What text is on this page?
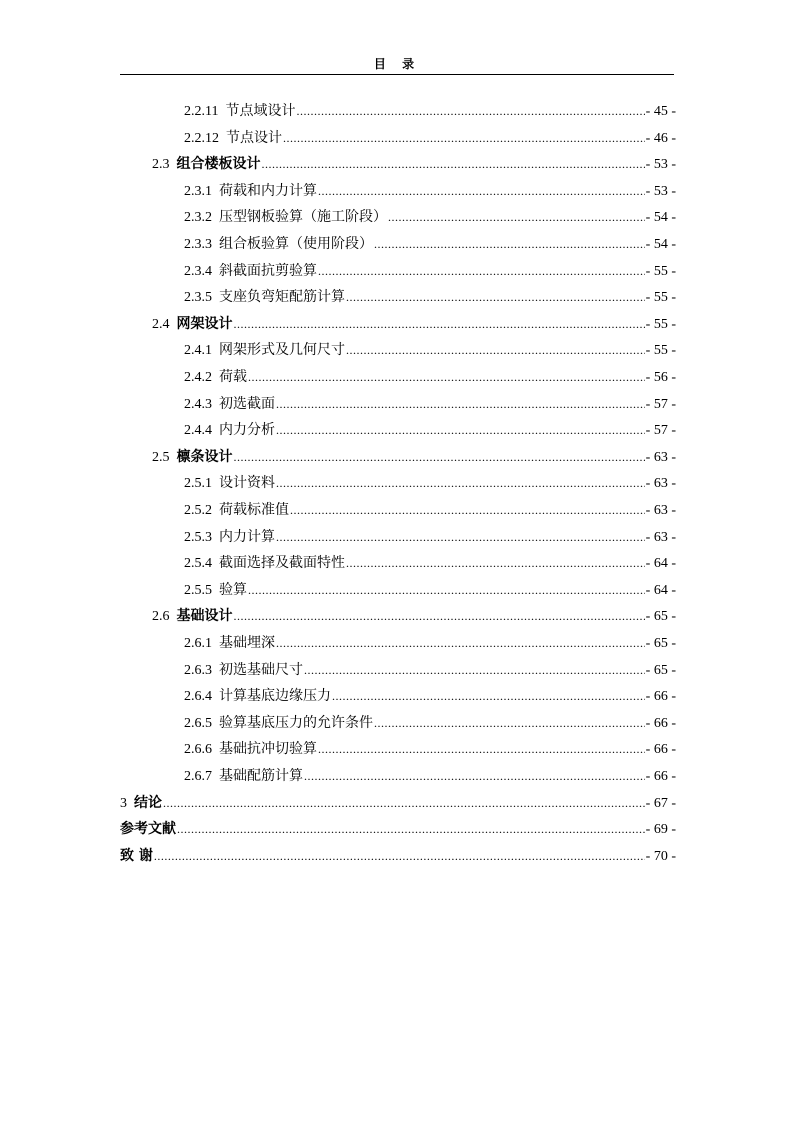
目 录
2.2.11 节点域设计 .....	- 45 -
2.2.12 节点设计 .....	- 46 -
2.3 组合楼板设计 .....	- 53 -
2.3.1 荷载和内力计算 .....	- 53 -
2.3.2 压型钢板验算（施工阶段） .....	- 54 -
2.3.3 组合板验算（使用阶段） .....	- 54 -
2.3.4 斜截面抗剪验算 .....	- 55 -
2.3.5 支座负弯矩配筋计算 .....	- 55 -
2.4 网架设计 .....	- 55 -
2.4.1 网架形式及几何尺寸 .....	- 55 -
2.4.2 荷载 .....	- 56 -
2.4.3 初选截面 .....	- 57 -
2.4.4 内力分析 .....	- 57 -
2.5 檩条设计 .....	- 63 -
2.5.1 设计资料 .....	- 63 -
2.5.2 荷载标准值 .....	- 63 -
2.5.3 内力计算 .....	- 63 -
2.5.4 截面选择及截面特性 .....	- 64 -
2.5.5 验算 .....	- 64 -
2.6 基础设计 .....	- 65 -
2.6.1 基础埋深 .....	- 65 -
2.6.3 初选基础尺寸 .....	- 65 -
2.6.4 计算基底边缘压力 .....	- 66 -
2.6.5 验算基底压力的允许条件 .....	- 66 -
2.6.6 基础抗冲切验算 .....	- 66 -
2.6.7 基础配筋计算 .....	- 66 -
3 结论 .....	- 67 -
参考文献 .....	- 69 -
致 谢 .....	- 70 -
